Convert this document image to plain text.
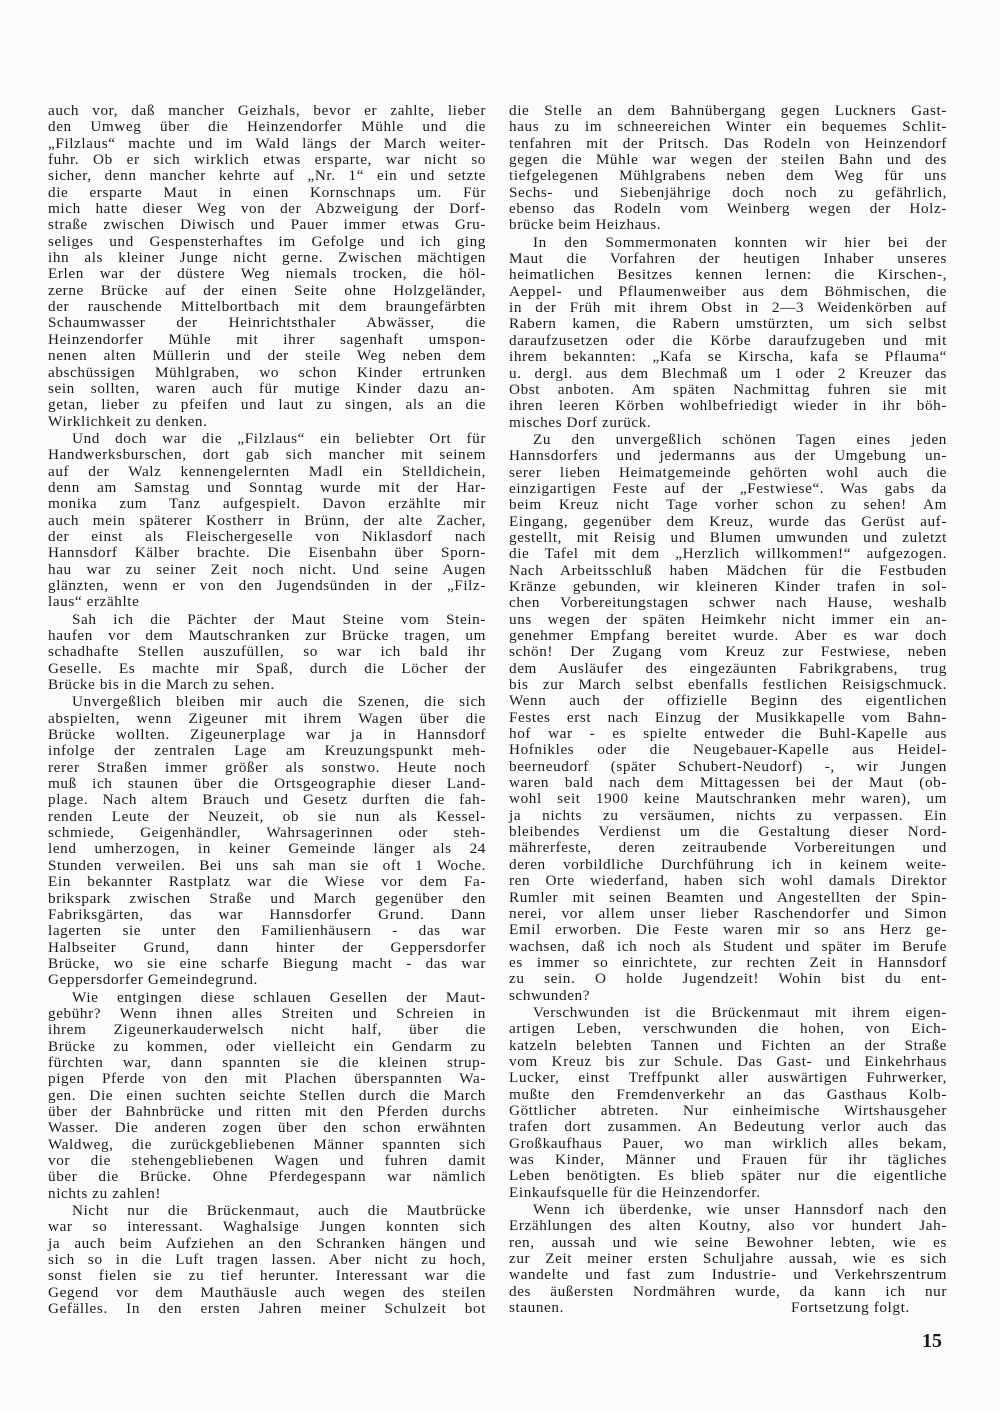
auch vor, daß mancher Geizhals, bevor er zahlte, lieber
den Umweg über die Heinzendorfer Mühle und die
„Filzlaus“ machte und im Wald längs der March weiter-
fuhr. Ob er sich wirklich etwas ersparte, war nicht so
sicher, denn mancher kehrte auf „Nr. 1“ ein und setzte
die ersparte Maut in einen Kornschnaps um. Für
mich hatte dieser Weg von der Abzweigung der Dorf-
straße zwischen Diwisch und Pauer immer etwas Gru-
seliges und Gespensterhaftes im Gefolge und ich ging
ihn als kleiner Junge nicht gerne. Zwischen mächtigen
Erlen war der düstere Weg niemals trocken, die höl-
zerne Brücke auf der einen Seite ohne Holzgeländer,
der rauschende Mittelbortbach mit dem braungefärbten
Schaumwasser der Heinrichtsthaler Abwässer, die
Heinzendorfer Mühle mit ihrer sagenhaft umspon-
nenen alten Müllerin und der steile Weg neben dem
abschüssigen Mühlgraben, wo schon Kinder ertrunken
sein sollten, waren auch für mutige Kinder dazu an-
getan, lieber zu pfeifen und laut zu singen, als an die
Wirklichkeit zu denken.
Und doch war die „Filzlaus“ ein beliebter Ort für
Handwerksburschen, dort gab sich mancher mit seinem
auf der Walz kennengelernten Madl ein Stelldichein,
denn am Samstag und Sonntag wurde mit der Har-
monika zum Tanz aufgespielt. Davon erzählte mir
auch mein späterer Kostherr in Brünn, der alte Zacher,
der einst als Fleischergeselle von Niklasdorf nach
Hannsdorf Kälber brachte. Die Eisenbahn über Sporn-
hau war zu seiner Zeit noch nicht. Und seine Augen
glänzten, wenn er von den Jugendsünden in der „Filz-
laus“ erzählte
Sah ich die Pächter der Maut Steine vom Stein-
haufen vor dem Mautschranken zur Brücke tragen, um
schadhafte Stellen auszufüllen, so war ich bald ihr
Geselle. Es machte mir Spaß, durch die Löcher der
Brücke bis in die March zu sehen.
Unvergeßlich bleiben mir auch die Szenen, die sich
abspielten, wenn Zigeuner mit ihrem Wagen über die
Brücke wollten. Zigeunerplage war ja in Hannsdorf
infolge der zentralen Lage am Kreuzungspunkt meh-
rerer Straßen immer größer als sonstwo. Heute noch
muß ich staunen über die Ortsgeographie dieser Land-
plage. Nach altem Brauch und Gesetz durften die fah-
renden Leute der Neuzeit, ob sie nun als Kessel-
schmiede, Geigenhändler, Wahrsagerinnen oder steh-
lend umherzogen, in keiner Gemeinde länger als 24
Stunden verweilen. Bei uns sah man sie oft 1 Woche.
Ein bekannter Rastplatz war die Wiese vor dem Fa-
brikspark zwischen Straße und March gegenüber den
Fabriksgärten, das war Hannsdorfer Grund. Dann
lagerten sie unter den Familienhäusern - das war
Halbseiter Grund, dann hinter der Geppersdorfer
Brücke, wo sie eine scharfe Biegung macht - das war
Geppersdorfer Gemeindegrund.
Wie entgingen diese schlauen Gesellen der Maut-
gebühr? Wenn ihnen alles Streiten und Schreien in
ihrem Zigeunerkauderwelsch nicht half, über die
Brücke zu kommen, oder vielleicht ein Gendarm zu
fürchten war, dann spannten sie die kleinen strup-
pigen Pferde von den mit Plachen überspannten Wa-
gen. Die einen suchten seichte Stellen durch die March
über der Bahnbrücke und ritten mit den Pferden durchs
Wasser. Die anderen zogen über den schon erwähnten
Waldweg, die zurückgebliebenen Männer spannten sich
vor die stehengebliebenen Wagen und fuhren damit
über die Brücke. Ohne Pferdegespann war nämlich
nichts zu zahlen!
Nicht nur die Brückenmaut, auch die Mautbrücke
war so interessant. Waghalsige Jungen konnten sich
ja auch beim Aufziehen an den Schranken hängen und
sich so in die Luft tragen lassen. Aber nicht zu hoch,
sonst fielen sie zu tief herunter. Interessant war die
Gegend vor dem Mauthäusle auch wegen des steilen
Gefälles. In den ersten Jahren meiner Schulzeit bot
die Stelle an dem Bahnübergang gegen Luckners Gast-
haus zu im schneereichen Winter ein bequemes Schlit-
tenfahren mit der Pritsch. Das Rodeln von Heinzendorf
gegen die Mühle war wegen der steilen Bahn und des
tiefgelegenen Mühlgrabens neben dem Weg für uns
Sechs- und Siebenjährige doch noch zu gefährlich,
ebenso das Rodeln vom Weinberg wegen der Holz-
brücke beim Heizhaus.
In den Sommermonaten konnten wir hier bei der
Maut die Vorfahren der heutigen Inhaber unseres
heimatlichen Besitzes kennen lernen: die Kirschen-,
Aeppel- und Pflaumenweiber aus dem Böhmischen, die
in der Früh mit ihrem Obst in 2—3 Weidenkörben auf
Rabern kamen, die Rabern umstürzten, um sich selbst
daraufzusetzen oder die Körbe daraufzugeben und mit
ihrem bekannten: „Kafa se Kirscha, kafa se Pflauma“
u. dergl. aus dem Blechmaß um 1 oder 2 Kreuzer das
Obst anboten. Am späten Nachmittag fuhren sie mit
ihren leeren Körben wohlbefriedigt wieder in ihr böh-
misches Dorf zurück.
Zu den unvergeßlich schönen Tagen eines jeden
Hannsdorfers und jedermanns aus der Umgebung un-
serer lieben Heimatgemeinde gehörten wohl auch die
einzigartigen Feste auf der „Festwiese“. Was gabs da
beim Kreuz nicht Tage vorher schon zu sehen! Am
Eingang, gegenüber dem Kreuz, wurde das Gerüst auf-
gestellt, mit Reisig und Blumen umwunden und zuletzt
die Tafel mit dem „Herzlich willkommen!“ aufgezogen.
Nach Arbeitsschluß haben Mädchen für die Festbuden
Kränze gebunden, wir kleineren Kinder trafen in sol-
chen Vorbereitungstagen schwer nach Hause, weshalb
uns wegen der späten Heimkehr nicht immer ein an-
genehmer Empfang bereitet wurde. Aber es war doch
schön! Der Zugang vom Kreuz zur Festwiese, neben
dem Ausläufer des eingezäunten Fabrikgrabens, trug
bis zur March selbst ebenfalls festlichen Reisigschmuck.
Wenn auch der offizielle Beginn des eigentlichen
Festes erst nach Einzug der Musikkapelle vom Bahn-
hof war - es spielte entweder die Buhl-Kapelle aus
Hofnikles oder die Neugebauer-Kapelle aus Heidel-
beerneudorf (später Schubert-Neudorf) -, wir Jungen
waren bald nach dem Mittagessen bei der Maut (ob-
wohl seit 1900 keine Mautschranken mehr waren), um
ja nichts zu versäumen, nichts zu verpassen. Ein
bleibendes Verdienst um die Gestaltung dieser Nord-
mährerfeste, deren zeitraubende Vorbereitungen und
deren vorbildliche Durchführung ich in keinem weite-
ren Orte wiederfand, haben sich wohl damals Direktor
Rumler mit seinen Beamten und Angestellten der Spin-
nerei, vor allem unser lieber Raschendorfer und Simon
Emil erworben. Die Feste waren mir so ans Herz ge-
wachsen, daß ich noch als Student und später im Berufe
es immer so einrichtete, zur rechten Zeit in Hannsdorf
zu sein. O holde Jugendzeit! Wohin bist du ent-
schwunden?
Verschwunden ist die Brückenmaut mit ihrem eigen-
artigen Leben, verschwunden die hohen, von Eich-
katzeln belebten Tannen und Fichten an der Straße
vom Kreuz bis zur Schule. Das Gast- und Einkehrhaus
Lucker, einst Treffpunkt aller auswärtigen Fuhrwerker,
mußte den Fremdenverkehr an das Gasthaus Kolb-
Göttlicher abtreten. Nur einheimische Wirtshausgeher
trafen dort zusammen. An Bedeutung verlor auch das
Großkaufhaus Pauer, wo man wirklich alles bekam,
was Kinder, Männer und Frauen für ihr tägliches
Leben benötigten. Es blieb später nur die eigentliche
Einkaufsquelle für die Heinzendorfer.
Wenn ich überdenke, wie unser Hannsdorf nach den
Erzählungen des alten Koutny, also vor hundert Jah-
ren, aussah und wie seine Bewohner lebten, wie es
zur Zeit meiner ersten Schuljahre aussah, wie es sich
wandelte und fast zum Industrie- und Verkehrszentrum
des äußersten Nordmähren wurde, da kann ich nur
staunen.	Fortsetzung folgt.
15
